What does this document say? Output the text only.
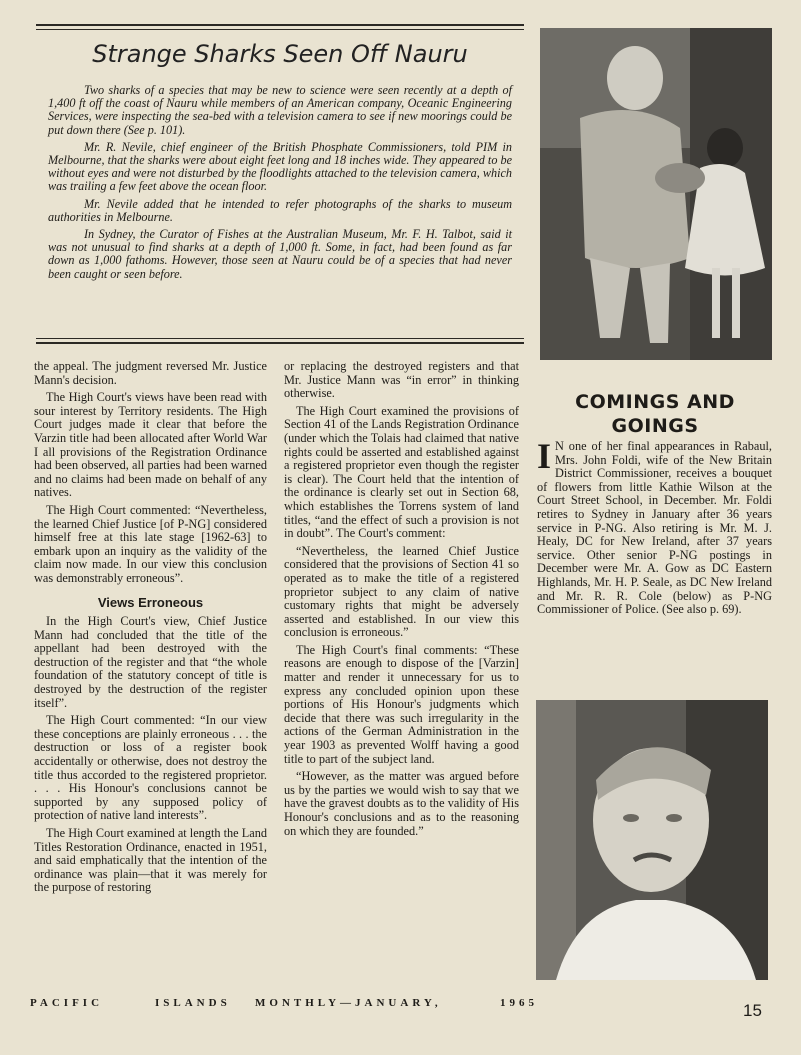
Strange Sharks Seen Off Nauru

Two sharks of a species that may be new to science were seen recently at a depth of 1,400 ft off the coast of Nauru while members of an American company, Oceanic Engineering Services, were inspecting the sea-bed with a television camera to see if new moorings could be put down there (See p. 101).

Mr. R. Nevile, chief engineer of the British Phosphate Commissioners, told PIM in Melbourne, that the sharks were about eight feet long and 18 inches wide. They appeared to be without eyes and were not disturbed by the floodlights attached to the television camera, which was trailing a few feet above the ocean floor.

Mr. Nevile added that he intended to refer photographs of the sharks to museum authorities in Melbourne.

In Sydney, the Curator of Fishes at the Australian Museum, Mr. F. H. Talbot, said it was not unusual to find sharks at a depth of 1,000 ft. Some, in fact, had been found as far down as 1,000 fathoms. However, those seen at Nauru could be of a species that had never been caught or seen before.

the appeal. The judgment reversed Mr. Justice Mann's decision.

The High Court's views have been read with sour interest by Territory residents. The High Court judges made it clear that before the Varzin title had been allocated after World War I all provisions of the Registration Ordinance had been observed, all parties had been warned and no claims had been made on behalf of any natives.

The High Court commented: “Nevertheless, the learned Chief Justice [of P-NG] considered himself free at this late stage [1962-63] to embark upon an inquiry as the validity of the claim now made. In our view this conclusion was demonstrably erroneous”.

Views Erroneous

In the High Court's view, Chief Justice Mann had concluded that the title of the appellant had been destroyed with the destruction of the register and that “the whole foundation of the statutory concept of title is destroyed by the destruction of the register itself”.

The High Court commented: “In our view these conceptions are plainly erroneous . . . the destruction or loss of a register book accidentally or otherwise, does not destroy the title thus accorded to the registered proprietor. . . . His Honour's conclusions cannot be supported by any supposed policy of protection of native land interests”.

The High Court examined at length the Land Titles Restoration Ordinance, enacted in 1951, and said emphatically that the intention of the ordinance was plain—that it was merely for the purpose of restoring

or replacing the destroyed registers and that Mr. Justice Mann was “in error” in thinking otherwise.

The High Court examined the provisions of Section 41 of the Lands Registration Ordinance (under which the Tolais had claimed that native rights could be asserted and established against a registered proprietor even though the register is clear). The Court held that the intention of the ordinance is clearly set out in Section 68, which establishes the Torrens system of land titles, “and the effect of such a provision is not in doubt”. The Court's comment:

“Nevertheless, the learned Chief Justice considered that the provisions of Section 41 so operated as to make the title of a registered proprietor subject to any claim of native customary rights that might be adversely asserted and established. In our view this conclusion is erroneous.”

The High Court's final comments: “These reasons are enough to dispose of the [Varzin] matter and render it unnecessary for us to express any concluded opinion upon these portions of His Honour's judgments which decide that there was such irregularity in the actions of the German Administration in the year 1903 as prevented Wolff having a good title to part of the subject land.

“However, as the matter was argued before us by the parties we would wish to say that we have the gravest doubts as to the validity of His Honour's conclusions and as to the reasoning on which they are founded.”

COMINGS AND
GOINGS
I N one of her final appearances in Rabaul, Mrs. John Foldi, wife of the New Britain District Commissioner, receives a bouquet of flowers from little Kathie Wilson at the Court Street School, in December. Mr. Foldi retires to Sydney in January after 36 years service in P-NG. Also retiring is Mr. M. J. Healy, DC for New Ireland, after 37 years service. Other senior P-NG postings in December were Mr. A. Gow as DC Eastern Highlands, Mr. H. P. Seale, as DC New Ireland and Mr. R. R. Cole (below) as P-NG Commissioner of Police. (See also p. 69).
PACIFIC	ISLANDS MONTHLY—JANUARY,	1965	15
